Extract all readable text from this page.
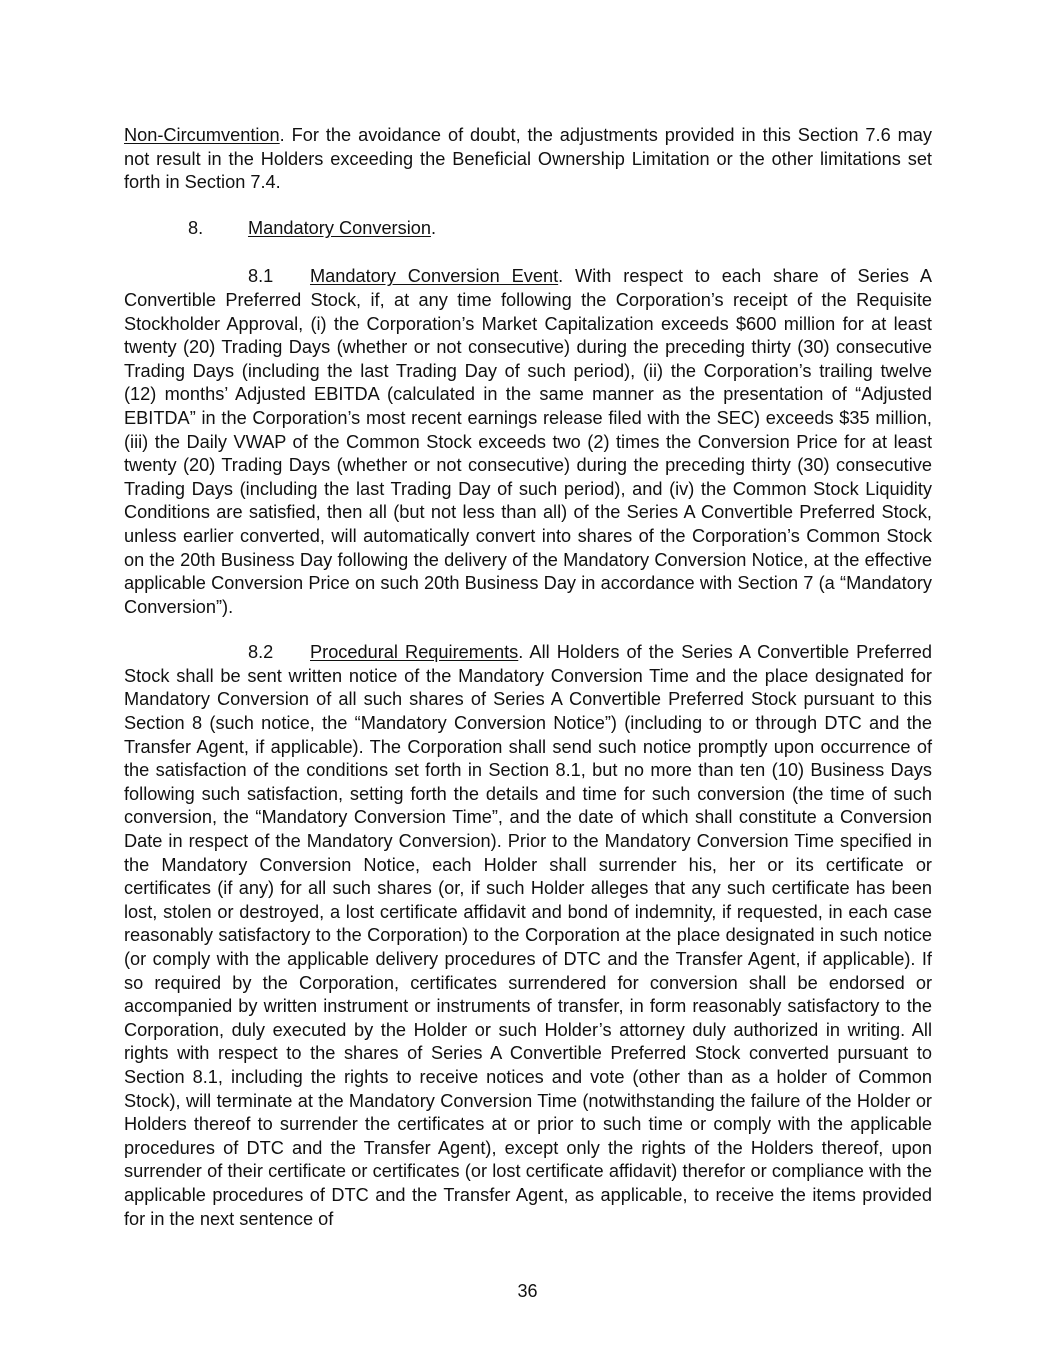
Non-Circumvention. For the avoidance of doubt, the adjustments provided in this Section 7.6 may not result in the Holders exceeding the Beneficial Ownership Limitation or the other limitations set forth in Section 7.4.

8. Mandatory Conversion.

8.1 Mandatory Conversion Event. With respect to each share of Series A Convertible Preferred Stock, if, at any time following the Corporation’s receipt of the Requisite Stockholder Approval, (i) the Corporation’s Market Capitalization exceeds $600 million for at least twenty (20) Trading Days (whether or not consecutive) during the preceding thirty (30) consecutive Trading Days (including the last Trading Day of such period), (ii) the Corporation’s trailing twelve (12) months’ Adjusted EBITDA (calculated in the same manner as the presentation of “Adjusted EBITDA” in the Corporation’s most recent earnings release filed with the SEC) exceeds $35 million, (iii) the Daily VWAP of the Common Stock exceeds two (2) times the Conversion Price for at least twenty (20) Trading Days (whether or not consecutive) during the preceding thirty (30) consecutive Trading Days (including the last Trading Day of such period), and (iv) the Common Stock Liquidity Conditions are satisfied, then all (but not less than all) of the Series A Convertible Preferred Stock, unless earlier converted, will automatically convert into shares of the Corporation’s Common Stock on the 20th Business Day following the delivery of the Mandatory Conversion Notice, at the effective applicable Conversion Price on such 20th Business Day in accordance with Section 7 (a “Mandatory Conversion”).

8.2 Procedural Requirements. All Holders of the Series A Convertible Preferred Stock shall be sent written notice of the Mandatory Conversion Time and the place designated for Mandatory Conversion of all such shares of Series A Convertible Preferred Stock pursuant to this Section 8 (such notice, the “Mandatory Conversion Notice”) (including to or through DTC and the Transfer Agent, if applicable). The Corporation shall send such notice promptly upon occurrence of the satisfaction of the conditions set forth in Section 8.1, but no more than ten (10) Business Days following such satisfaction, setting forth the details and time for such conversion (the time of such conversion, the “Mandatory Conversion Time”, and the date of which shall constitute a Conversion Date in respect of the Mandatory Conversion). Prior to the Mandatory Conversion Time specified in the Mandatory Conversion Notice, each Holder shall surrender his, her or its certificate or certificates (if any) for all such shares (or, if such Holder alleges that any such certificate has been lost, stolen or destroyed, a lost certificate affidavit and bond of indemnity, if requested, in each case reasonably satisfactory to the Corporation) to the Corporation at the place designated in such notice (or comply with the applicable delivery procedures of DTC and the Transfer Agent, if applicable). If so required by the Corporation, certificates surrendered for conversion shall be endorsed or accompanied by written instrument or instruments of transfer, in form reasonably satisfactory to the Corporation, duly executed by the Holder or such Holder’s attorney duly authorized in writing. All rights with respect to the shares of Series A Convertible Preferred Stock converted pursuant to Section 8.1, including the rights to receive notices and vote (other than as a holder of Common Stock), will terminate at the Mandatory Conversion Time (notwithstanding the failure of the Holder or Holders thereof to surrender the certificates at or prior to such time or comply with the applicable procedures of DTC and the Transfer Agent), except only the rights of the Holders thereof, upon surrender of their certificate or certificates (or lost certificate affidavit) therefor or compliance with the applicable procedures of DTC and the Transfer Agent, as applicable, to receive the items provided for in the next sentence of

36
